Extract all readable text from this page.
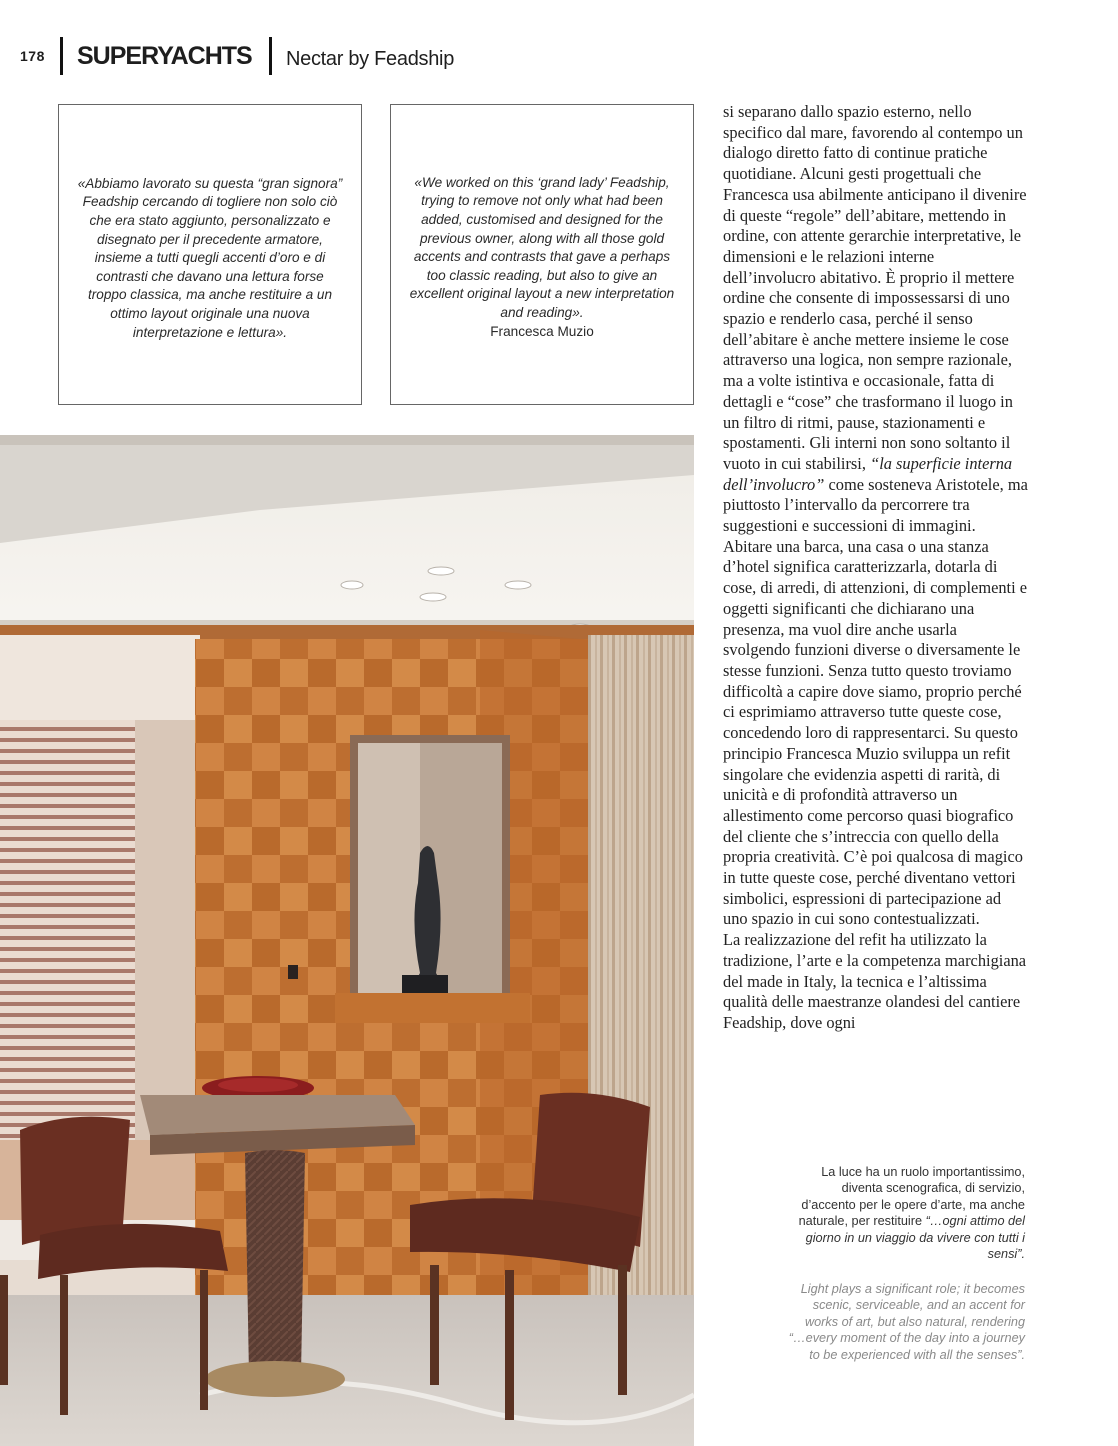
178 SUPERYACHTS Nectar by Feadship
«Abbiamo lavorato su questa “gran signora” Feadship cercando di togliere non solo ciò che era stato aggiunto, personalizzato e disegnato per il precedente armatore, insieme a tutti quegli accenti d’oro e di contrasti che davano una lettura forse troppo classica, ma anche restituire a un ottimo layout originale una nuova interpretazione e lettura».
«We worked on this ‘grand lady’ Feadship, trying to remove not only what had been added, customised and designed for the previous owner, along with all those gold accents and contrasts that gave a perhaps too classic reading, but also to give an excellent original layout a new interpretation and reading».
Francesca Muzio

si separano dallo spazio esterno, nello specifico dal mare, favorendo al contempo un dialogo diretto fatto di continue pratiche quotidiane. Alcuni gesti progettuali che Francesca usa abilmente anticipano il divenire di queste “regole” dell’abitare, mettendo in ordine, con attente gerarchie interpretative, le dimensioni e le relazioni interne dell’involucro abitativo. È proprio il mettere ordine che consente di impossessarsi di uno spazio e renderlo casa, perché il senso dell’abitare è anche mettere insieme le cose attraverso una logica, non sempre razionale, ma a volte istintiva e occasionale, fatta di dettagli e “cose” che trasformano il luogo in un filtro di ritmi, pause, stazionamenti e spostamenti. Gli interni non sono soltanto il vuoto in cui stabilirsi, “la superficie interna dell’involucro” come sosteneva Aristotele, ma piuttosto l’intervallo da percorrere tra suggestioni e successioni di immagini.

Abitare una barca, una casa o una stanza d’hotel significa caratterizzarla, dotarla di cose, di arredi, di attenzioni, di complementi e oggetti significanti che dichiarano una presenza, ma vuol dire anche usarla svolgendo funzioni diverse o diversamente le stesse funzioni. Senza tutto questo troviamo difficoltà a capire dove siamo, proprio perché ci esprimiamo attraverso tutte queste cose, concedendo loro di rappresentarci. Su questo principio Francesca Muzio sviluppa un refit singolare che evidenzia aspetti di rarità, di unicità e di profondità attraverso un allestimento come percorso quasi biografico del cliente che s’intreccia con quello della propria creatività. C’è poi qualcosa di magico in tutte queste cose, perché diventano vettori simbolici, espressioni di partecipazione ad uno spazio in cui sono contestualizzati.

La realizzazione del refit ha utilizzato la tradizione, l’arte e la competenza marchigiana del made in Italy, la tecnica e l’altissima qualità delle maestranze olandesi del cantiere Feadship, dove ogni

La luce ha un ruolo importantissimo, diventa scenografica, di servizio, d’accento per le opere d’arte, ma anche naturale, per restituire “…ogni attimo del giorno in un viaggio da vivere con tutti i sensi”.
Light plays a significant role; it becomes scenic, serviceable, and an accent for works of art, but also natural, rendering “…every moment of the day into a journey to be experienced with all the senses”.
